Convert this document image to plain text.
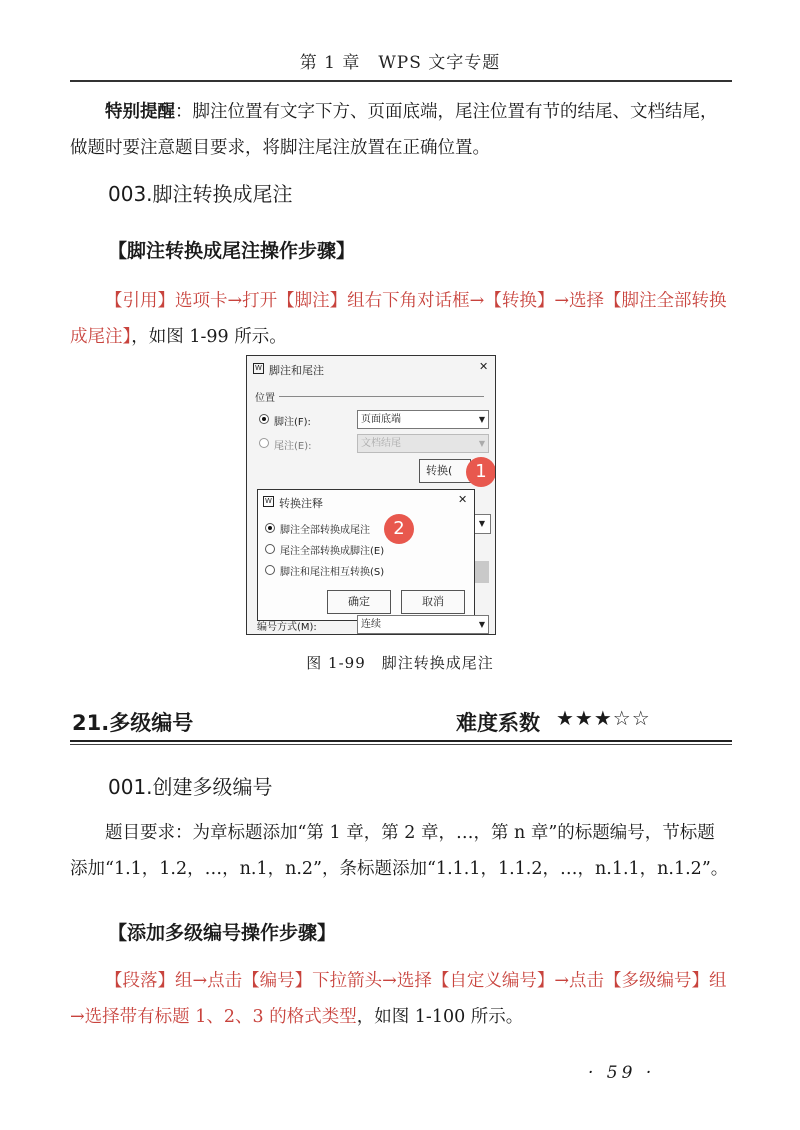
第 1 章　WPS 文字专题
特别提醒：脚注位置有文字下方、页面底端，尾注位置有节的结尾、文档结尾，做题时要注意题目要求，将脚注尾注放置在正确位置。
003.脚注转换成尾注
【脚注转换成尾注操作步骤】
【引用】选项卡→打开【脚注】组右下角对话框→【转换】→选择【脚注全部转换成尾注】，如图 1-99 所示。
W 脚注和尾注	✕
位置
脚注(F):	页面底端	▼
尾注(E):	文档结尾	▼
转换(	1
▼
W 转换注释	✕
脚注全部转换成尾注	2
尾注全部转换成脚注(E)
脚注和尾注相互转换(S)
确定	取消
编号方式(M):	连续	▼
图 1-99　脚注转换成尾注
21.多级编号	难度系数 ★★★☆☆
001.创建多级编号
题目要求：为章标题添加“第 1 章，第 2 章，…，第 n 章”的标题编号，节标题添加“1.1，1.2，…，n.1，n.2”，条标题添加“1.1.1，1.1.2，…，n.1.1，n.1.2”。
【添加多级编号操作步骤】
【段落】组→点击【编号】下拉箭头→选择【自定义编号】→点击【多级编号】组→选择带有标题 1、2、3 的格式类型，如图 1-100 所示。
· 59 ·
